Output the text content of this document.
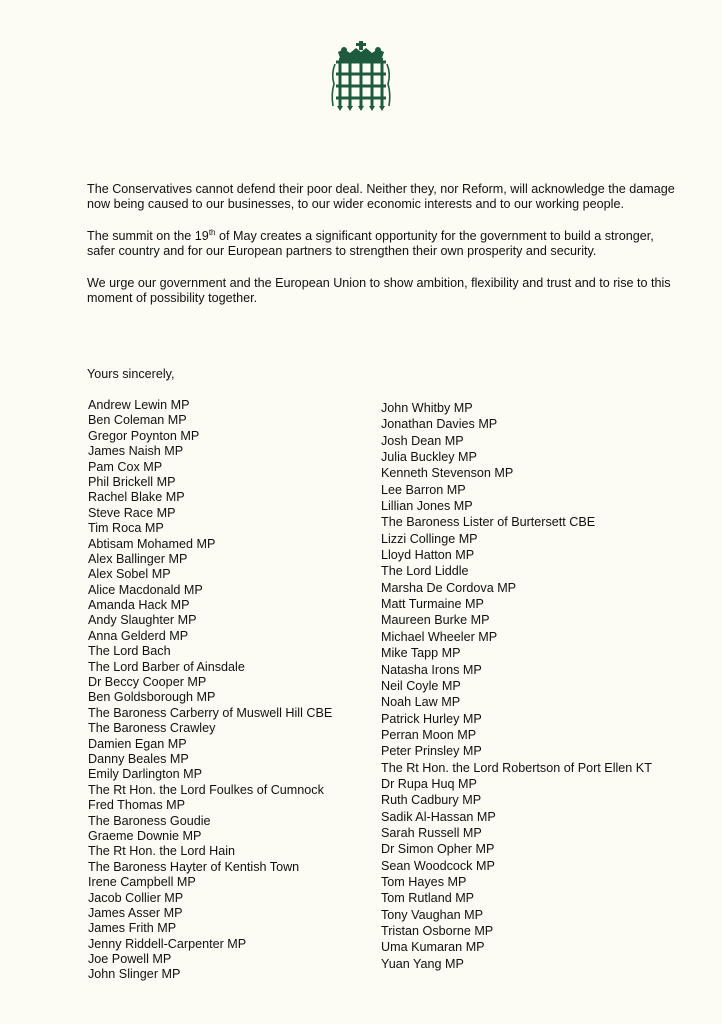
The Conservatives cannot defend their poor deal. Neither they, nor Reform, will acknowledge the damage now being caused to our businesses, to our wider economic interests and to our working people.

The summit on the 19th of May creates a significant opportunity for the government to build a stronger, safer country and for our European partners to strengthen their own prosperity and security.

We urge our government and the European Union to show ambition, flexibility and trust and to rise to this moment of possibility together.

Yours sincerely,
Andrew Lewin MP
Ben Coleman MP
Gregor Poynton MP
James Naish MP
Pam Cox MP
Phil Brickell MP
Rachel Blake MP
Steve Race MP
Tim Roca MP
Abtisam Mohamed MP
Alex Ballinger MP
Alex Sobel MP
Alice Macdonald MP
Amanda Hack MP
Andy Slaughter MP
Anna Gelderd MP
The Lord Bach
The Lord Barber of Ainsdale
Dr Beccy Cooper MP
Ben Goldsborough MP
The Baroness Carberry of Muswell Hill CBE
The Baroness Crawley
Damien Egan MP
Danny Beales MP
Emily Darlington MP
The Rt Hon. the Lord Foulkes of Cumnock
Fred Thomas MP
The Baroness Goudie
Graeme Downie MP
The Rt Hon. the Lord Hain
The Baroness Hayter of Kentish Town
Irene Campbell MP
Jacob Collier MP
James Asser MP
James Frith MP
Jenny Riddell-Carpenter MP
Joe Powell MP
John Slinger MP
John Whitby MP
Jonathan Davies MP
Josh Dean MP
Julia Buckley MP
Kenneth Stevenson MP
Lee Barron MP
Lillian Jones MP
The Baroness Lister of Burtersett CBE
Lizzi Collinge MP
Lloyd Hatton MP
The Lord Liddle
Marsha De Cordova MP
Matt Turmaine MP
Maureen Burke MP
Michael Wheeler MP
Mike Tapp MP
Natasha Irons MP
Neil Coyle MP
Noah Law MP
Patrick Hurley MP
Perran Moon MP
Peter Prinsley MP
The Rt Hon. the Lord Robertson of Port Ellen KT
Dr Rupa Huq MP
Ruth Cadbury MP
Sadik Al-Hassan MP
Sarah Russell MP
Dr Simon Opher MP
Sean Woodcock MP
Tom Hayes MP
Tom Rutland MP
Tony Vaughan MP
Tristan Osborne MP
Uma Kumaran MP
Yuan Yang MP
